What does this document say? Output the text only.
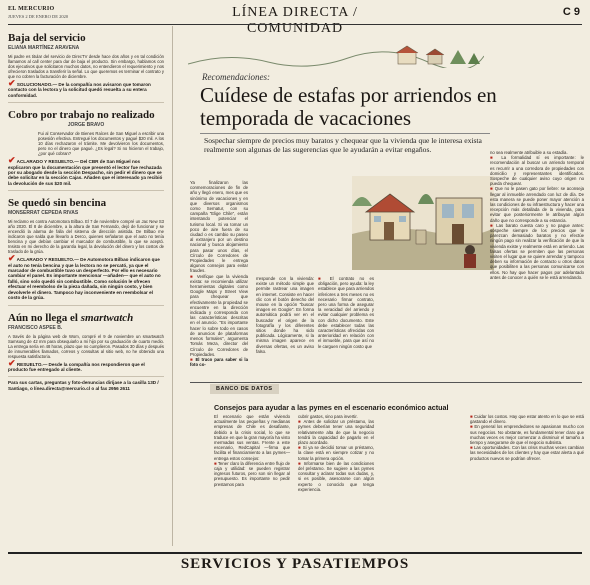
EL MERCURIO
JUEVES 2 DE ENERO DE 2020	LÍNEA DIRECTA / COMUNIDAD
C 9
Baja del servicio
ELIANA MARTÍNEZ ARAVENA

Mi padre es titular del servicio de DirecTV desde hace dos años y en tal condición llamamos al call center para dar de baja el producto. Sin embargo, hablamos con dos ejecutivos que solicitaron muchos datos, no entendieron el requerimiento y nos ofrecieron traslados a transferir la señal. Lo que queremos es terminar el contrato y que no cobren la facturación de diciembre.

✔ SOLUCIONADO.— De la compañía nos avisaron que tomaron contacto con la lectora y la solicitud quedó resuelta a su entera conformidad.
Cobro por trabajo no realizado
JORGE BRAVO

Fui al Conservador de Bienes Raíces de San Miguel a escribir una posesión efectiva. Entregué los documentos y pagué $20 mil. A los 10 días rechazaron el trámite. Me devolvieron los documentos, pero no el dinero que pagué. ¿Es legal? Si no hicieron el trabajo, ¿por qué cobran?

✔ ACLARADO Y RESUELTO.— Del CBR de San Miguel nos explicaron que la documentación que presentó el lector fue rechazada por su abogado desde la sección Despacho, sin pedir el dinero que se debe solicitar en la sección Cajas. Añaden que el interesado ya recibió la devolución de sus $20 mil.
Se quedó sin bencina
MONSERRAT CEPEDA RIVAS

Mi reclamo es contra Automotora Bilbao. El 7 de noviembre compré un Jac New S3 año 2020. El 8 de diciembre, a la altura de San Fernando, dejó de funcionar y se encendió la alarma de falla del sistema de dirección asistida. De Bilbao me indicaron que salda que llevarlo a Derco, quienes señalaron que el auto no tenía bencina y que debían cambiar el marcador de combustible, lo que se aceptó. Insisto en mi derecho de la garantía legal, la devolución del dinero y los costos de traslado de la grúa.

✔ ACLARADO Y RESUELTO.— De Automotora Bilbao indicaron que el auto no tenía bencina y que la lectora no se percató, ya que el marcador de combustible tuvo un desperfecto. Por ello es necesario cambiar el panel. Es importante mencionar —añaden— que el auto no falló, sino solo quedó sin combustible. Como solución le ofrecen efectuar el reembolso de la pieza dañada, sin ningún costo, y bien devolverle el dinero. Tampoco hay inconveniente en reembolsar el costo de la grúa.
Aún no llega el smartwatch
FRANCISCO ASPEE B.

A través de la página web de Wom, compré el 9 de noviembre un smartwatch Samsung de 42 mm para obsequiarlo a mi hijo por su graduación de cuarto medio. La entrega sería en 48 horas, plazo que no cumplieron. Pasados 30 días y después de innumerables llamados, correos y consultas al sitio web, no he obtenido una respuesta satisfactoria.

✔ RESUELTO.— Desde la compañía nos respondieron que el producto fue entregado al cliente.
Para sus cartas, preguntas y foto-denuncias diríjase a la casilla 13D / Santiago, o línea.directa@mercurio.cl o al fax 2956 2611
Recomendaciones:
Cuídese de estafas por arriendos en temporada de vacaciones
Sospechar siempre de precios muy baratos y chequear que la vivienda que le interesa exista realmente son algunas de las sugerencias que le ayudarán a evitar engaños.
Ya finalizaron las conmemoraciones de fin de año y llegó enero, mes que es sinónimo de vacaciones y en que diversos organismos como Sernatur, con su campaña "Elige Chile", están intentando potenciar el turismo local. Si va tomar un poco de aire fuera de su ciudad o es cambio su paseo al extranjero por un destino nacional y busca alojamiento para pasar unos días, el Círculo de Corredores de Propiedades le entrega algunos consejos para evitar fraudes.
■ Verifique que la vivienda exista: se recomienda utilizar herramientas digitales como Google Maps y Street View para chequear que efectivamente la propiedad se encuentre en la dirección indicada y corresponda con las características descritas en el anuncio. "Es importante hacer lo sobre todo en casos de anuncios de plataformas menos formales", argumenta Tomás Meza, director del Círculo de Corredores de Propiedades.
■ El truco para saber si la foto co-
rresponde con la vivienda: existe un método simple que permite rastrear una imagen en internet. Consiste en hacer clic con el botón derecho del mouse en la opción "buscar imagen en Google". En forma automática podrá ver en el buscador el origen de la fotografía y los diferentes sitios donde ha sido publicada. Lógicamente, si la misma imagen aparece en diversas ofertas, es un aviso falso.
■ El contrato no es obligación, pero ayuda: la ley establece que para arriendos inferiores a tres meses no es necesario firmar contrato, pero una forma de asegurar la veracidad del arriendo y evitar cualquier problema es con dicho documento. Este debe establecer todas las características ofrecidas con anterioridad en relación con el inmueble, para que así no le carguen ningún costo que
no sea realmente atribuible a su estadía.
■ La formalidad sí es importante: le recomendación al buscar un arriendo temporal es recurrir a una corredora de propiedades con domicilio y representantes identificados. Sospeche de cualquier aviso cuyo origen no pueda chequear.
■ Que no le pasen gato por liebre: se aconseja llegar al inmueble arrendado con luz de día. De esta manera se puede poner mayor atención a las condiciones de su infraestructura y hacer una recepción más detallada de la vivienda, para evitar que posteriormente le atribuyan algún daño que no corresponde a su estancia.
■ Las barato cuesta caro y no pague antes: sospeche siempre de los precios que le parezcan demasiado baratos y no efectúe ningún pago sin realizar la verificación de que la vivienda existe y realmente está en arriendo. Las falsas ofertas se permiten que las personas visiten el lugar que se quiere arrendar y tampoco deben su información de contacto u otros datos que posibiliten a las personas comunicarse con ellos. No hay que hacer pagos por adelantado antes de conocer a quién se le está arrendando.
BANCO DE DATOS
Consejos para ayudar a las pymes en el escenario económico actual
El escenario que están viviendo actualmente las pequeñas y medianas empresas de Chile es desafiante, debido a la crisis social, lo que se traduce en que la gran mayoría ha visto mermadas sus ventas. Frente a este escenario, RedCapital —firma que facilita el financiamiento a las pymes— entrega estos consejos:
■ Tener claro la diferencia entre flujo de caja y utilidad: se pueden registrar ingresos futuros, pero son sin llegar al presupuesto. Es importante no pedir prestamos para
cubrir gastos, sino para invertir.
■ Antes de solicitar un préstamo, las pymes deberían tener una seguridad relativamente alta de que la negocio tendrá la capacidad de pagarlo en el plazo acordado.
■ Si ya se decidió tomar un préstamo, la clave está en siempre cotizar y no tomar la primera opción.
■ Informarse bien de las condiciones del préstamo. Se sugiere a las pymes consultar y aclarar todas sus dudas, y, si es posible, asesorarse con algún experto o conocido que tenga experiencia.
■ Cuidar los costos. Hay que estar atento en lo que se está gastando el dinero.
■ En general los emprendedores se apasionan mucho con sus negocios. No obstante, es fundamental tener claro que muchas veces es mejor comenzar a disminuir el tamaño a tiempo y asegurarse de que el negocio subsista.
■ Las oportunidades. Con las crisis muchas veces cambian las necesidades de los clientes y hay que estar alerta a qué productos nuevos se podrían ofrecer.
SERVICIOS Y PASATIEMPOS
